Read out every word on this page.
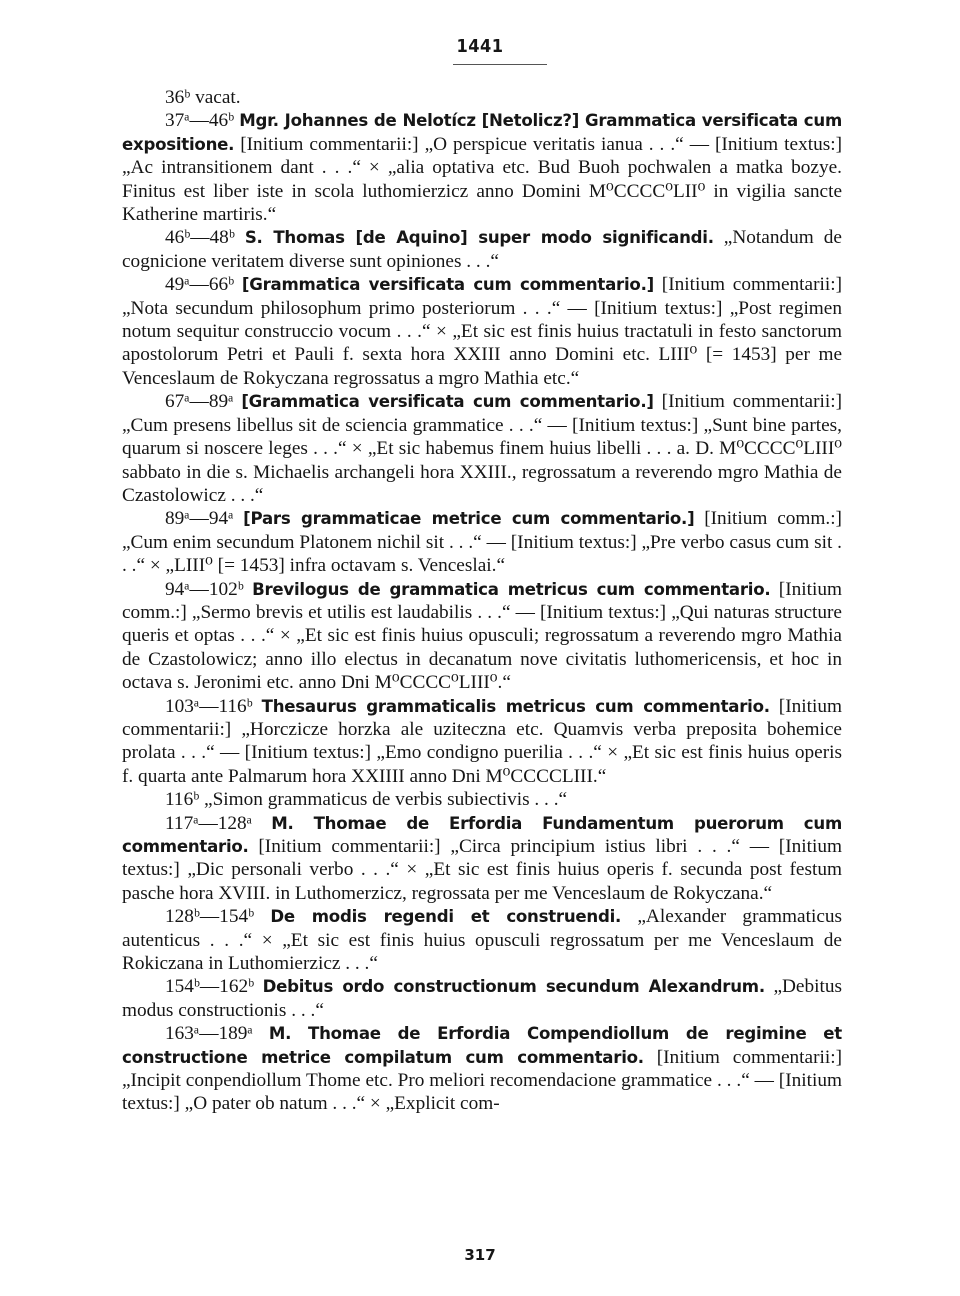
1441

36ᵇ vacat.

37ᵃ—46ᵇ Mgr. Johannes de Nelotícz [Netolicz?] Grammatica versificata cum expositione. [Initium commentarii:] „O perspicue veritatis ianua . . .“ — [Initium textus:] „Ac intransitionem dant . . .“ × „alia optativa etc. Bud Buoh pochwalen a matka bozye. Finitus est liber iste in scola luthomierzicz anno Domini M⁰CCCC⁰LII⁰ in vigilia sancte Katherine martiris.“

46ᵇ—48ᵇ S. Thomas [de Aquino] super modo significandi. „Notandum de cognicione veritatem diverse sunt opiniones . . .“

49ᵃ—66ᵇ [Grammatica versificata cum commentario.] [Initium commentarii:] „Nota secundum philosophum primo posteriorum . . .“ — [Initium textus:] „Post regimen notum sequitur construccio vocum . . .“ × „Et sic est finis huius tractatuli in festo sanctorum apostolorum Petri et Pauli f. sexta hora XXIII anno Domini etc. LIII⁰ [= 1453] per me Venceslaum de Rokyczana regrossatus a mgro Mathia etc.“

67ᵃ—89ᵃ [Grammatica versificata cum commentario.] [Initium commentarii:] „Cum presens libellus sit de sciencia grammatice . . .“ — [Initium textus:] „Sunt bine partes, quarum si noscere leges . . .“ × „Et sic habemus finem huius libelli . . . a. D. M⁰CCCC⁰LIII⁰ sabbato in die s. Michaelis archangeli hora XXIII., regrossatum a reverendo mgro Mathia de Czastolowicz . . .“

89ᵃ—94ᵃ [Pars grammaticae metrice cum commentario.] [Initium comm.:] „Cum enim secundum Platonem nichil sit . . .“ — [Initium textus:] „Pre verbo casus cum sit . . .“ × „LIII⁰ [= 1453] infra octavam s. Venceslai.“

94ᵃ—102ᵇ Brevilogus de grammatica metricus cum commentario. [Initium comm.:] „Sermo brevis et utilis est laudabilis . . .“ — [Initium textus:] „Qui naturas structure queris et optas . . .“ × „Et sic est finis huius opusculi; regrossatum a reverendo mgro Mathia de Czastolowicz; anno illo electus in decanatum nove civitatis luthomericensis, et hoc in octava s. Jeronimi etc. anno Dni M⁰CCCC⁰LIII⁰.“

103ᵃ—116ᵇ Thesaurus grammaticalis metricus cum commentario. [Initium commentarii:] „Horczicze horzka ale uziteczna etc. Quamvis verba preposita bohemice prolata . . .“ — [Initium textus:] „Emo condigno puerilia . . .“ × „Et sic est finis huius operis f. quarta ante Palmarum hora XXIIII anno Dni M⁰CCCCLIII.“

116ᵇ „Simon grammaticus de verbis subiectivis . . .“

117ᵃ—128ᵃ M. Thomae de Erfordia Fundamentum puerorum cum commentario. [Initium commentarii:] „Circa principium istius libri . . .“ — [Initium textus:] „Dic personali verbo . . .“ × „Et sic est finis huius operis f. secunda post festum pasche hora XVIII. in Luthomerzicz, regrossata per me Venceslaum de Rokyczana.“

128ᵇ—154ᵇ De modis regendi et construendi. „Alexander grammaticus autenticus . . .“ × „Et sic est finis huius opusculi regrossatum per me Venceslaum de Rokiczana in Luthomierzicz . . .“

154ᵇ—162ᵇ Debitus ordo constructionum secundum Alexandrum. „Debitus modus constructionis . . .“

163ᵃ—189ᵃ M. Thomae de Erfordia Compendiollum de regimine et constructione metrice compilatum cum commentario. [Initium commentarii:] „Incipit conpendiollum Thome etc. Pro meliori recomendacione grammatice . . .“ — [Initium textus:] „O pater ob natum . . .“ × „Explicit com-

317
